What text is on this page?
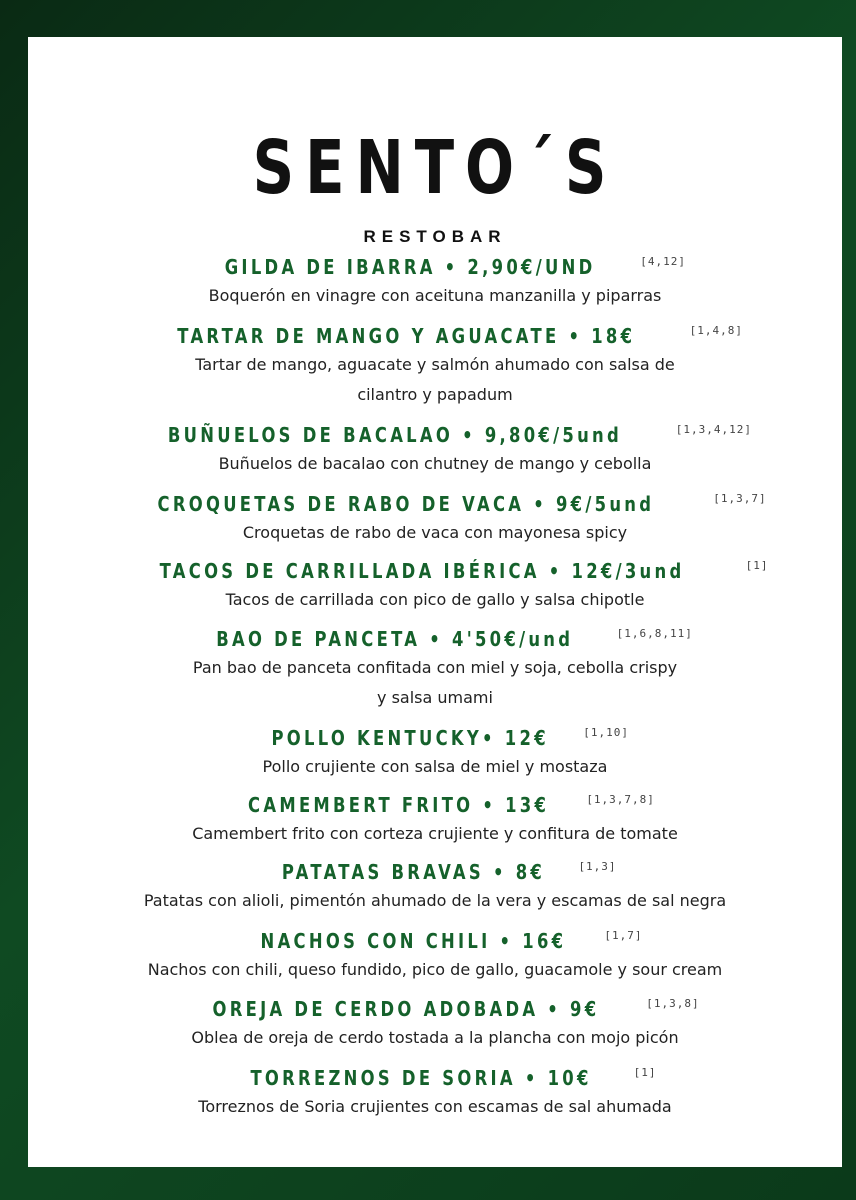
SENTO´S
RESTOBAR
GILDA DE IBARRA • 2,90€/UND	[4,12]
Boquerón en vinagre con aceituna manzanilla y piparras
TARTAR DE MANGO Y AGUACATE • 18€	[1,4,8]
Tartar de mango, aguacate y salmón ahumado con salsa de
cilantro y papadum
BUÑUELOS DE BACALAO • 9,80€/5und	[1,3,4,12]
Buñuelos de bacalao con chutney de mango y cebolla
CROQUETAS DE RABO DE VACA • 9€/5und	[1,3,7]
Croquetas de rabo de vaca con mayonesa spicy
TACOS DE CARRILLADA IBÉRICA • 12€/3und	[1]
Tacos de carrillada con pico de gallo y salsa chipotle
BAO DE PANCETA • 4'50€/und	[1,6,8,11]
Pan bao de panceta confitada con miel y soja, cebolla crispy
y salsa umami
POLLO KENTUCKY• 12€	[1,10]
Pollo crujiente con salsa de miel y mostaza
CAMEMBERT FRITO • 13€	[1,3,7,8]
Camembert frito con corteza crujiente y confitura de tomate
PATATAS BRAVAS • 8€	[1,3]
Patatas con alioli, pimentón ahumado de la vera y escamas de sal negra
NACHOS CON CHILI • 16€	[1,7]
Nachos con chili, queso fundido, pico de gallo, guacamole y sour cream
OREJA DE CERDO ADOBADA • 9€	[1,3,8]
Oblea de oreja de cerdo tostada a la plancha con mojo picón
TORREZNOS DE SORIA • 10€	[1]
Torreznos de Soria crujientes con escamas de sal ahumada
